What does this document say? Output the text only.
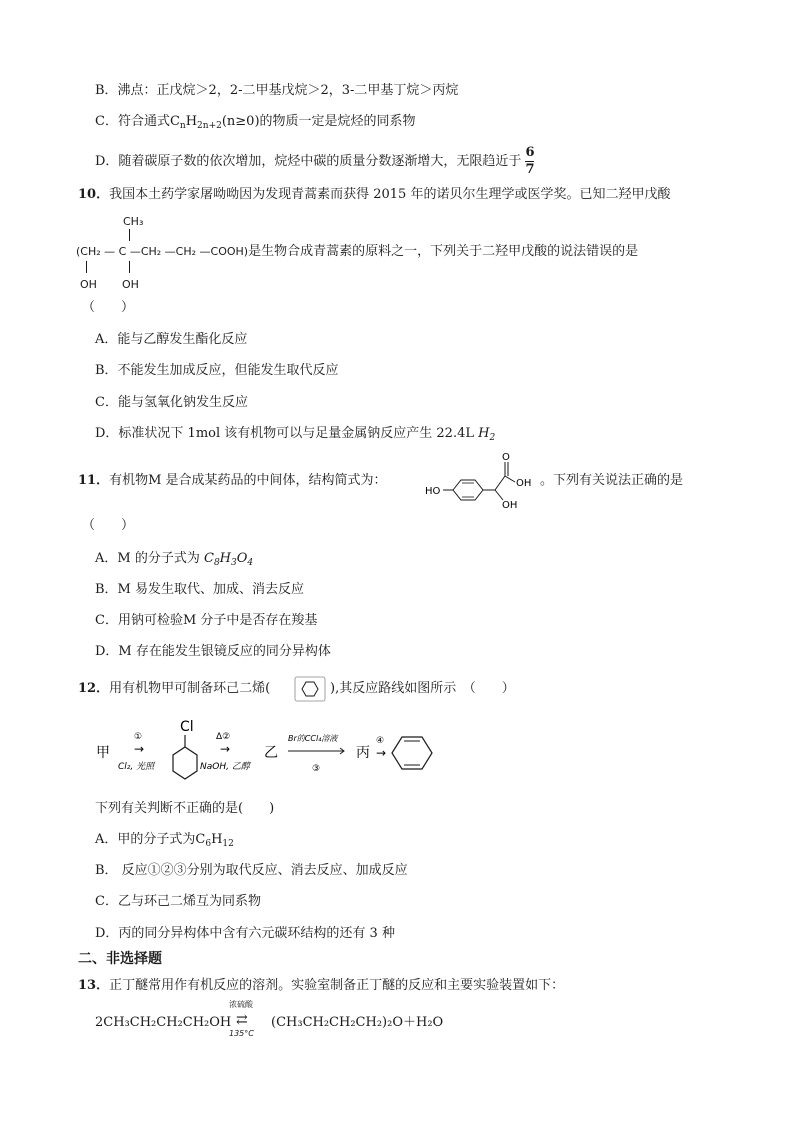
B．沸点：正戊烷＞2，2-二甲基戊烷＞2，3-二甲基丁烷＞丙烷
C．符合通式$C_nH_{2n+2}(n\ge 0)$的物质一定是烷烃的同系物
D．随着碳原子数的依次增加，烷烃中碳的质量分数逐渐增大，无限趋近于 $\frac{6}{7}$
10．我国本土药学家屠呦呦因为发现青蒿素而获得 2015 年的诺贝尔生理学或医学奖。已知二羟甲戊酸
CH₃
(CH₂ — C —CH₂ —CH₂ —COOH)是生物合成青蒿素的原料之一，下列关于二羟甲戊酸的说法错误的是
OH OH
（　　）
A．能与乙醇发生酯化反应
B．不能发生加成反应，但能发生取代反应
C．能与氢氧化钠发生反应
D．标准状况下 1mol 该有机物可以与足量金属钠反应产生 22.4L $H_2$
11．有机物M 是合成某药品的中间体，结构简式为：
HO
O
OH
OH
。下列有关说法正确的是
（　　）
A．M 的分子式为 $C_8H_3O_4$
B．M 易发生取代、加成、消去反应
C．用钠可检验M 分子中是否存在羧基
D．M 存在能发生银镜反应的同分异构体
12．用有机物甲可制备环己二烯(	),其反应路线如图所示　（　　）
甲
①
→
Cl₂, 光照
Cl
Δ②
→
NaOH, 乙醇
乙
Br的CCl₄溶液
③
丙
④
→
下列有关判断不正确的是(　　)
A．甲的分子式为$C_6H_{12}$
B． 反应①②③分别为取代反应、消去反应、加成反应
C．乙与环己二烯互为同系物
D．丙的同分异构体中含有六元碳环结构的还有 3 种
二、非选择题
13．正丁醚常用作有机反应的溶剂。实验室制备正丁醚的反应和主要实验装置如下：
2CH₃CH₂CH₂CH₂OH
浓硫酸
⇄
135°C
(CH₃CH₂CH₂CH₂)₂O＋H₂O
